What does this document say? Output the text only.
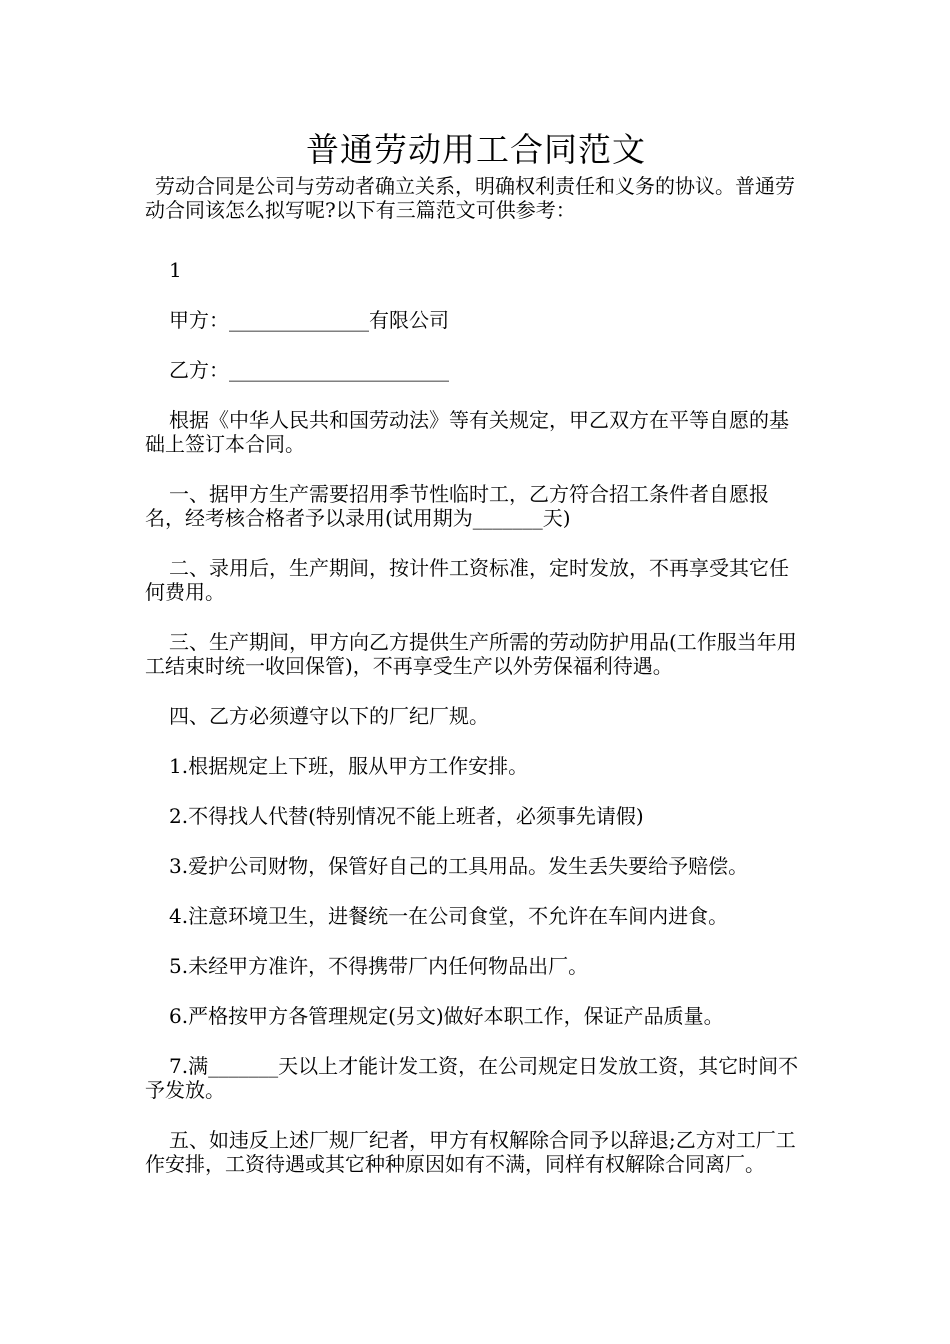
普通劳动用工合同范文

劳动合同是公司与劳动者确立关系，明确权利责任和义务的协议。普通劳动合同该怎么拟写呢?以下有三篇范文可供参考：

1

甲方：______________有限公司

乙方：______________________

根据《中华人民共和国劳动法》等有关规定，甲乙双方在平等自愿的基础上签订本合同。

一、据甲方生产需要招用季节性临时工，乙方符合招工条件者自愿报名，经考核合格者予以录用(试用期为_______天)

二、录用后，生产期间，按计件工资标准，定时发放，不再享受其它任何费用。

三、生产期间，甲方向乙方提供生产所需的劳动防护用品(工作服当年用工结束时统一收回保管)，不再享受生产以外劳保福利待遇。

四、乙方必须遵守以下的厂纪厂规。

1.根据规定上下班，服从甲方工作安排。

2.不得找人代替(特别情况不能上班者，必须事先请假)

3.爱护公司财物，保管好自己的工具用品。发生丢失要给予赔偿。

4.注意环境卫生，进餐统一在公司食堂，不允许在车间内进食。

5.未经甲方准许，不得携带厂内任何物品出厂。

6.严格按甲方各管理规定(另文)做好本职工作，保证产品质量。

7.满_______天以上才能计发工资，在公司规定日发放工资，其它时间不予发放。

五、如违反上述厂规厂纪者，甲方有权解除合同予以辞退;乙方对工厂工作安排，工资待遇或其它种种原因如有不满，同样有权解除合同离厂。
